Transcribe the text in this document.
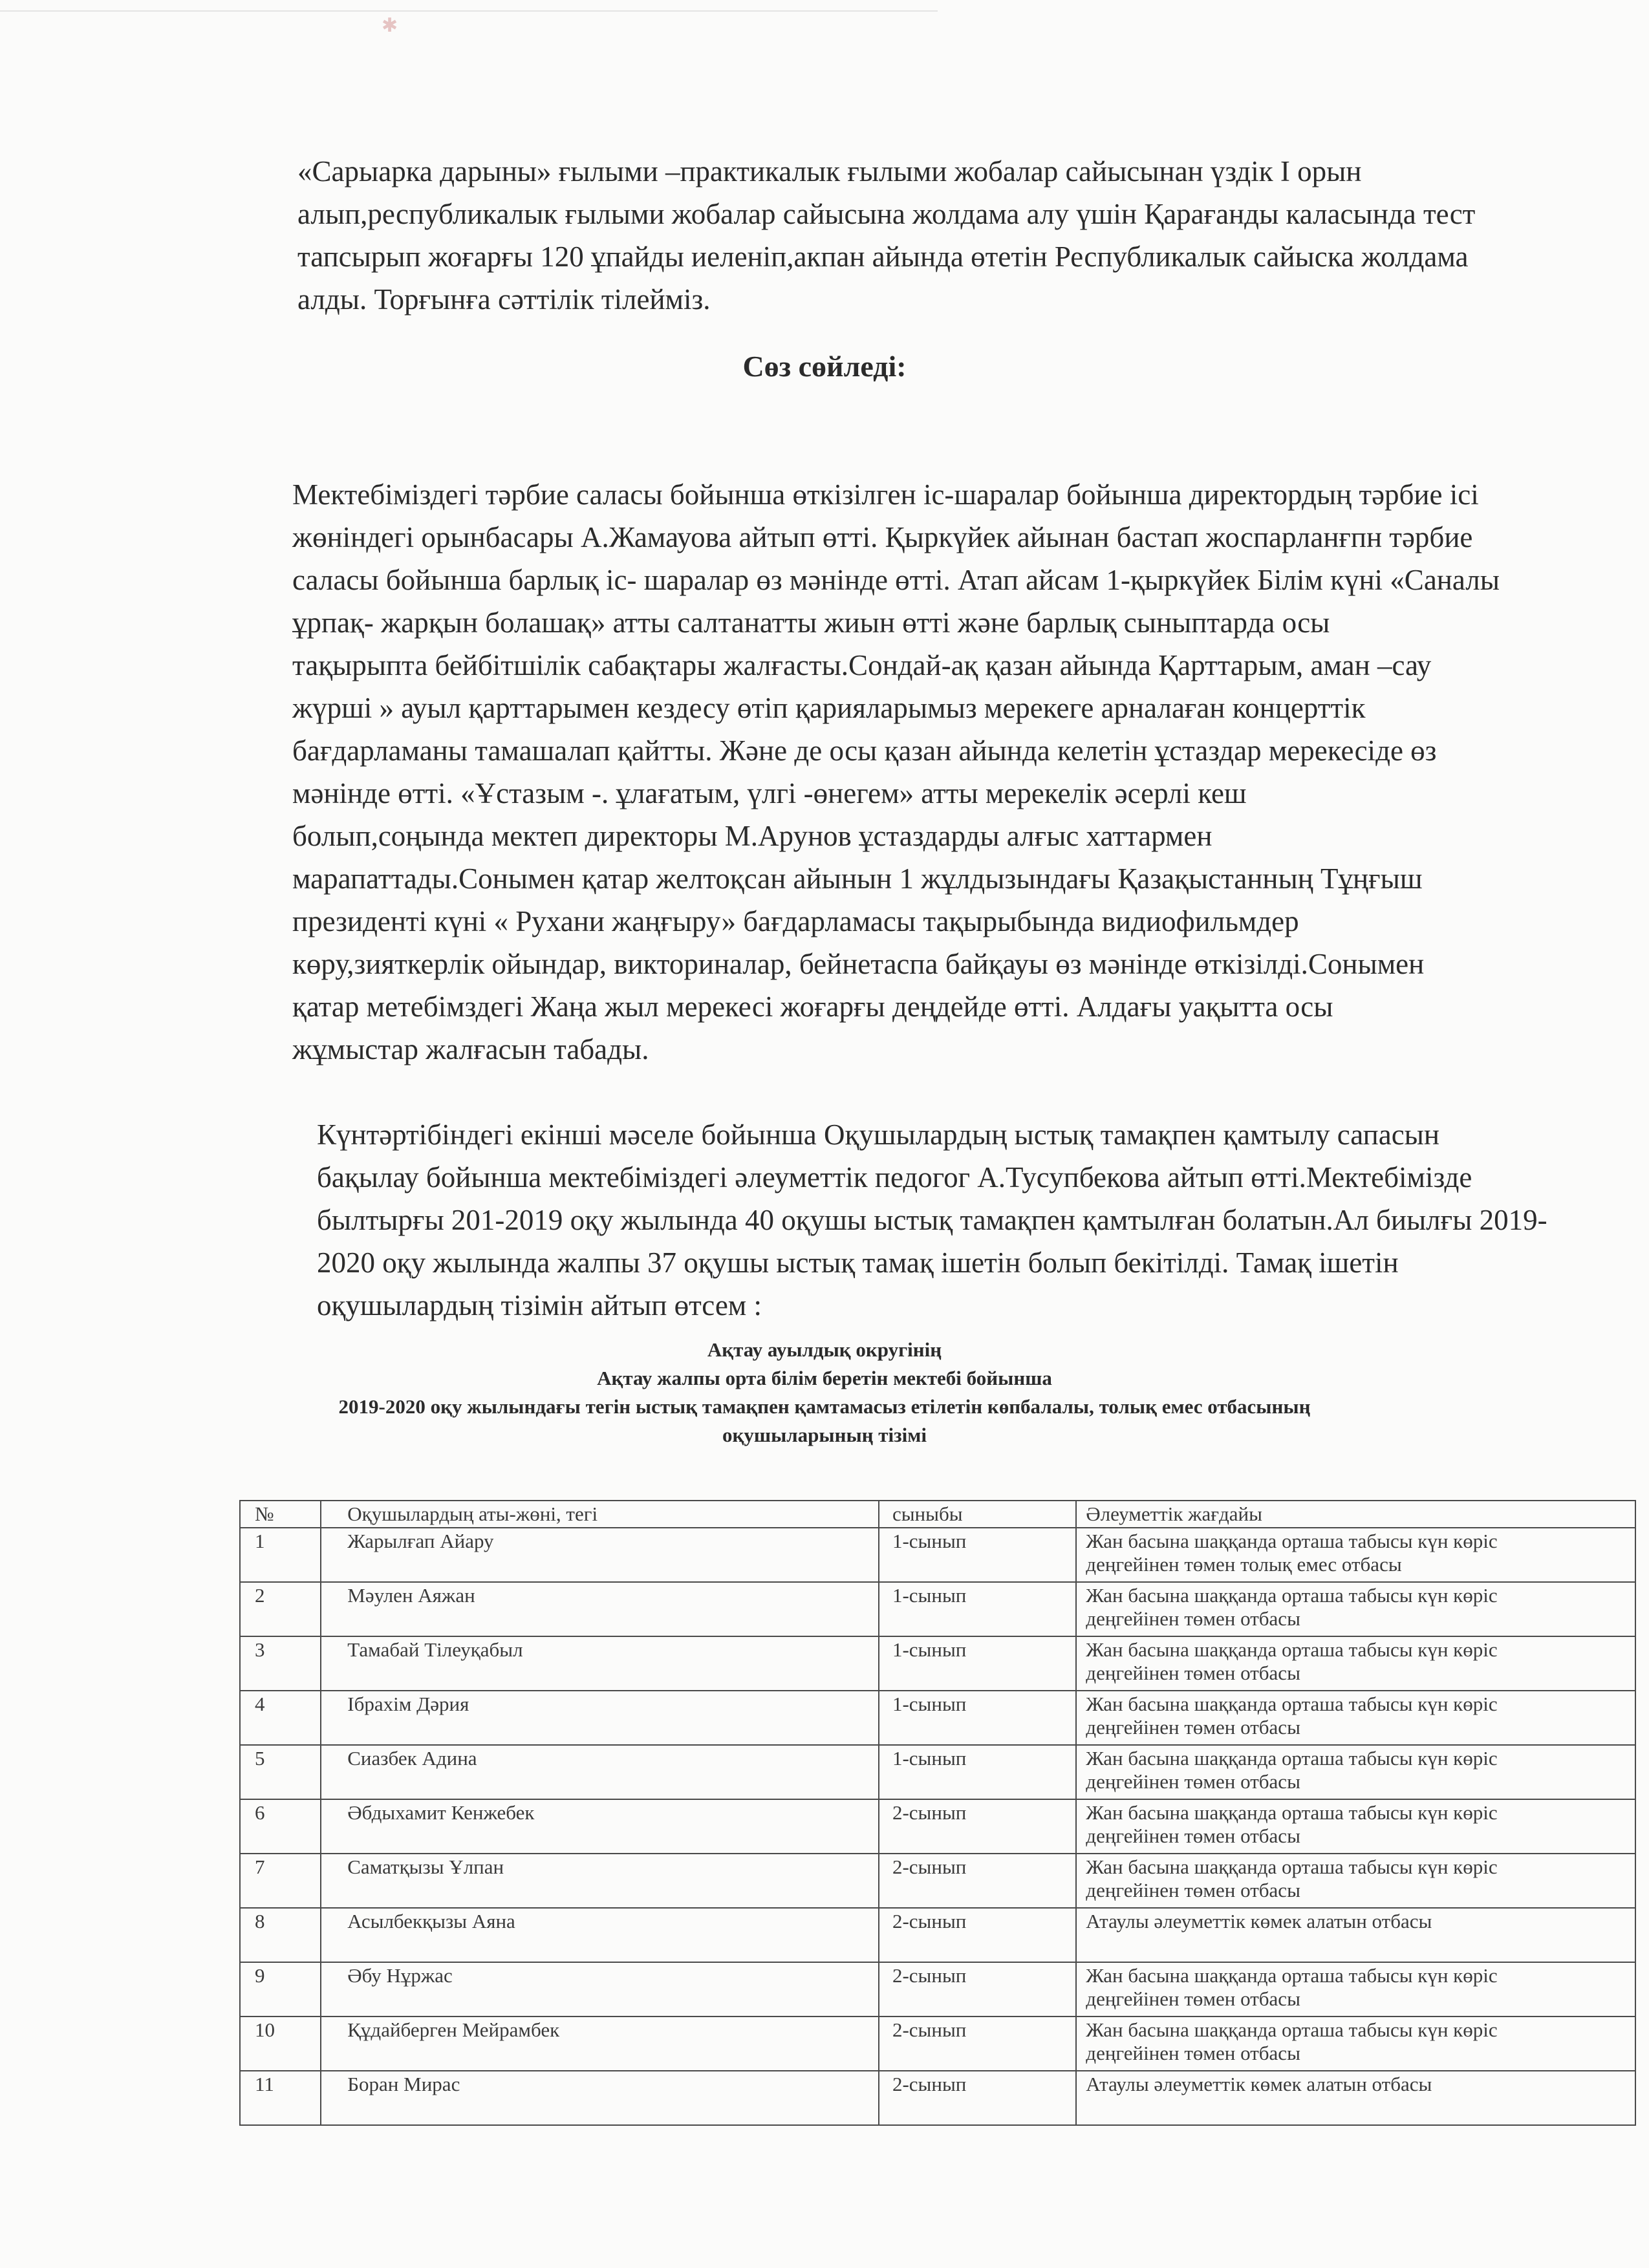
✱

«Сарыарка дарыны» ғылыми –практикалык ғылыми жобалар сайысынан үздік І орын
алып,республикалык ғылыми жобалар сайысына жолдама алу үшін Қарағанды каласында тест
тапсырып жоғарғы 120 ұпайды иеленіп,акпан айында өтетін Республикалык сайыска жолдама
алды. Торғынға сәттілік тілейміз.

Сөз сөйледі:

Мектебіміздегі тәрбие саласы бойынша өткізілген іс-шаралар бойынша директордың тәрбие ісі
жөніндегі орынбасары А.Жамауова айтып өтті. Қыркүйек айынан бастап жоспарланғпн тәрбие
саласы бойынша барлық іс- шаралар өз мәнінде өтті. Атап айсам 1-қыркүйек Білім күні «Саналы
ұрпақ- жарқын болашақ» атты салтанатты жиын өтті және барлық сыныптарда осы
тақырыпта бейбітшілік сабақтары жалғасты.Сондай-ақ қазан айында Қарттарым, аман –сау
жүрші » ауыл қарттарымен кездесу өтіп қарияларымыз мерекеге арналаған концерттік
бағдарламаны тамашалап қайтты. Және де осы қазан айында келетін ұстаздар мерекесіде өз
мәнінде өтті. «Ұстазым -. ұлағатым, үлгі -өнегем» атты мерекелік әсерлі кеш
болып,соңында мектеп директоры М.Арунов ұстаздарды алғыс хаттармен
марапаттады.Сонымен қатар желтоқсан айынын 1 жұлдызындағы Қазақыстанның Тұңғыш
президенті күні « Рухани жаңғыру» бағдарламасы тақырыбында видиофильмдер
көру,зияткерлік ойындар, викториналар, бейнетаспа байқауы өз мәнінде өткізілді.Сонымен
қатар метебімздегі Жаңа жыл мерекесі жоғарғы деңдейде өтті. Алдағы уақытта осы
жұмыстар жалғасын табады.

Күнтәртібіндегі екінші мәселе бойынша Оқушылардың ыстық тамақпен қамтылу сапасын
бақылау бойынша мектебіміздегі әлеуметтік педогог А.Тусупбекова айтып өтті.Мектебімізде
былтырғы 201-2019 оқу жылында 40 оқушы ыстық тамақпен қамтылған болатын.Ал биылғы 2019-
2020 оқу жылында жалпы 37 оқушы ыстық тамақ ішетін болып бекітілді. Тамақ ішетін
оқушылардың тізімін айтып өтсем :

Ақтау ауылдық округінің
Ақтау жалпы орта білім беретін мектебі бойынша
2019-2020 оқу жылындағы тегін ыстық тамақпен қамтамасыз етілетін көпбалалы, толық емес отбасының
оқушыларының тізімі
№	Оқушылардың аты-жөні, тегі	сыныбы	Әлеуметтік жағдайы
1	Жарылғап Айару	1-сынып	Жан басына шаққанда орташа табысы күн көріс
деңгейінен төмен толық емес отбасы

2	Мәулен Аяжан	1-сынып	Жан басына шаққанда орташа табысы күн көріс
деңгейінен төмен отбасы

3	Тамабай Тілеуқабыл	1-сынып	Жан басына шаққанда орташа табысы күн көріс
деңгейінен төмен отбасы

4	Ібрахім Дәрия	1-сынып	Жан басына шаққанда орташа табысы күн көріс
деңгейінен төмен отбасы

5	Сиазбек Адина	1-сынып	Жан басына шаққанда орташа табысы күн көріс
деңгейінен төмен отбасы

6	Әбдыхамит Кенжебек	2-сынып	Жан басына шаққанда орташа табысы күн көріс
деңгейінен төмен отбасы

7	Саматқызы Ұлпан	2-сынып	Жан басына шаққанда орташа табысы күн көріс
деңгейінен төмен отбасы

8	Асылбекқызы Аяна	2-сынып	Атаулы әлеуметтік көмек алатын отбасы

9	Әбу Нұржас	2-сынып	Жан басына шаққанда орташа табысы күн көріс
деңгейінен төмен отбасы

10	Құдайберген Мейрамбек	2-сынып	Жан басына шаққанда орташа табысы күн көріс
деңгейінен төмен отбасы

11	Боран Мирас	2-сынып	Атаулы әлеуметтік көмек алатын отбасы
